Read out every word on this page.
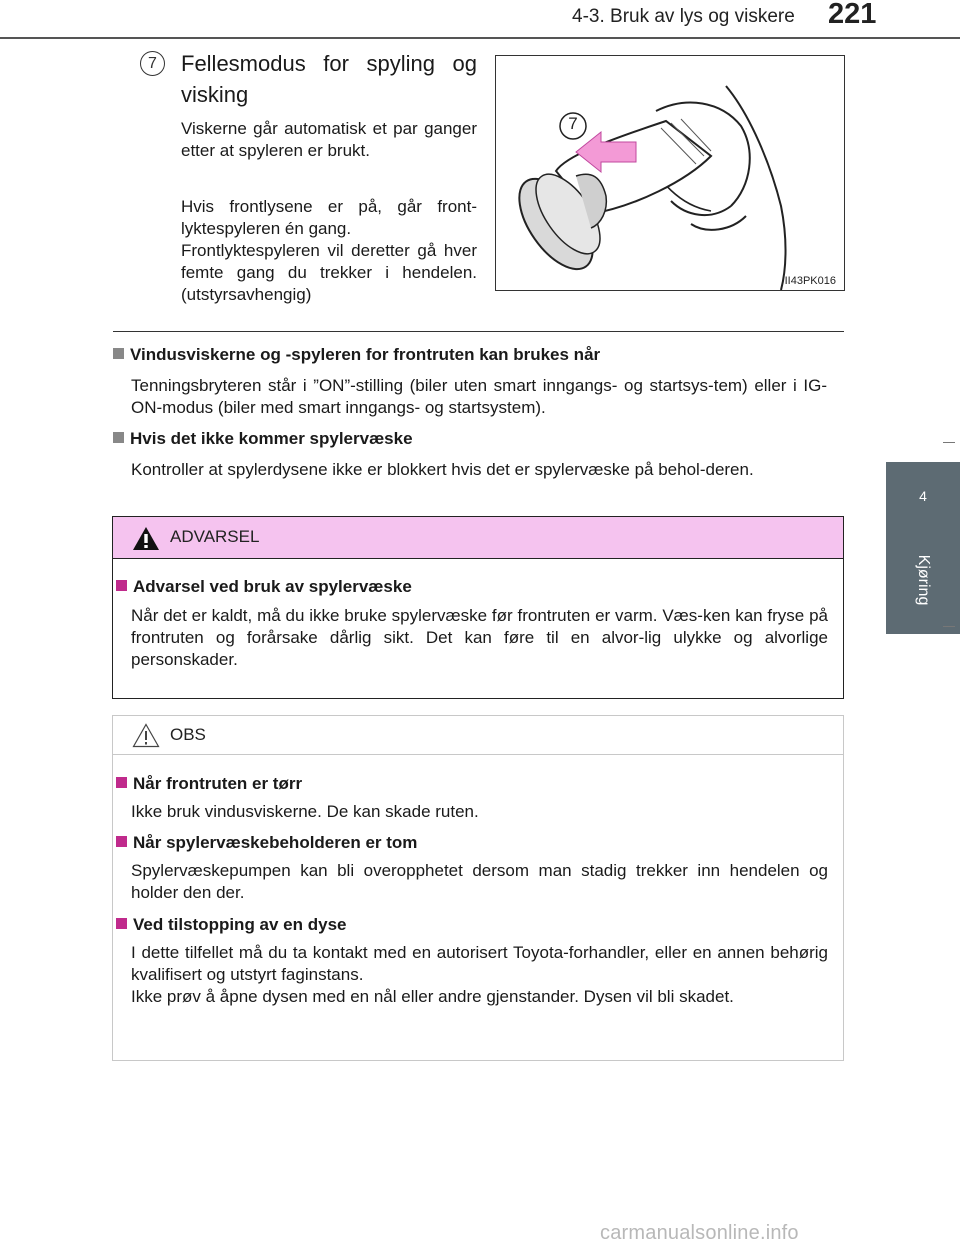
4-3. Bruk av lys og viskere 221
4
Kjøring
7	Fellesmodus for spyling og visking
Viskerne går automatisk et par ganger etter at spyleren er brukt.
Hvis frontlysene er på, går front-lyktespyleren én gang.
Frontlyktespyleren vil deretter gå hver femte gang du trekker i hendelen. (utstyrsavhengig)
7
II43PK016
Vindusviskerne og -spyleren for frontruten kan brukes når
Tenningsbryteren står i ”ON”-stilling (biler uten smart inngangs- og startsys-tem) eller i IG-ON-modus (biler med smart inngangs- og startsystem).
Hvis det ikke kommer spylervæske
Kontroller at spylerdysene ikke er blokkert hvis det er spylervæske på behol-deren.
ADVARSEL
Advarsel ved bruk av spylervæske
Når det er kaldt, må du ikke bruke spylervæske før frontruten er varm. Væs-ken kan fryse på frontruten og forårsake dårlig sikt. Det kan føre til en alvor-lig ulykke og alvorlige personskader.
OBS
Når frontruten er tørr
Ikke bruk vindusviskerne. De kan skade ruten.
Når spylervæskebeholderen er tom
Spylervæskepumpen kan bli overopphetet dersom man stadig trekker inn hendelen og holder den der.
Ved tilstopping av en dyse
I dette tilfellet må du ta kontakt med en autorisert Toyota-forhandler, eller en annen behørig kvalifisert og utstyrt faginstans.
Ikke prøv å åpne dysen med en nål eller andre gjenstander. Dysen vil bli skadet.
carmanualsonline.info
